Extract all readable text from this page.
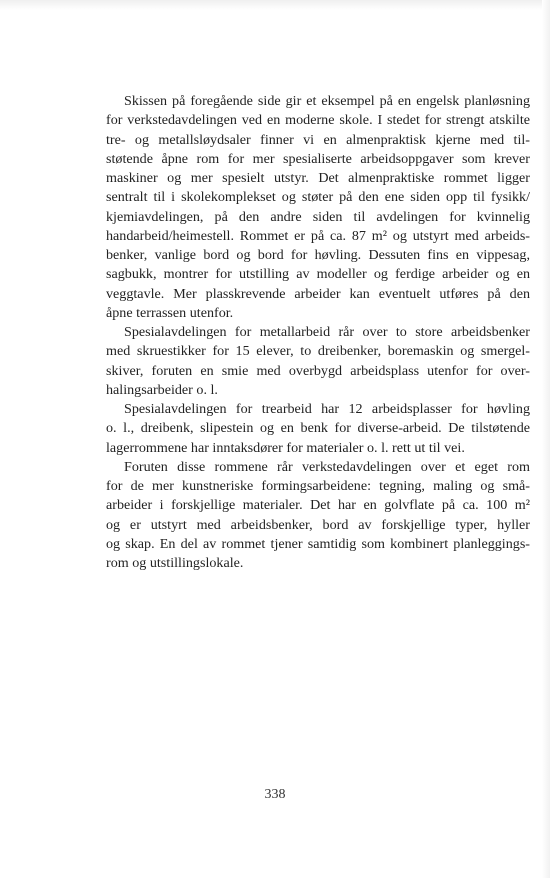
Skissen på foregående side gir et eksempel på en engelsk planløsning
for verkstedavdelingen ved en moderne skole. I stedet for strengt atskilte
tre- og metallsløydsaler finner vi en almenpraktisk kjerne med til-
støtende åpne rom for mer spesialiserte arbeidsoppgaver som krever
maskiner og mer spesielt utstyr. Det almenpraktiske rommet ligger
sentralt til i skolekomplekset og støter på den ene siden opp til fysikk/
kjemiavdelingen, på den andre siden til avdelingen for kvinnelig
handarbeid/heimestell. Rommet er på ca. 87 m² og utstyrt med arbeids-
benker, vanlige bord og bord for høvling. Dessuten fins en vippesag,
sagbukk, montrer for utstilling av modeller og ferdige arbeider og en
veggtavle. Mer plasskrevende arbeider kan eventuelt utføres på den
åpne terrassen utenfor.
Spesialavdelingen for metallarbeid rår over to store arbeidsbenker
med skruestikker for 15 elever, to dreibenker, boremaskin og smergel-
skiver, foruten en smie med overbygd arbeidsplass utenfor for over-
halingsarbeider o. l.
Spesialavdelingen for trearbeid har 12 arbeidsplasser for høvling
o. l., dreibenk, slipestein og en benk for diverse-arbeid. De tilstøtende
lagerrommene har inntaksdører for materialer o. l. rett ut til vei.
Foruten disse rommene rår verkstedavdelingen over et eget rom
for de mer kunstneriske formingsarbeidene: tegning, maling og små-
arbeider i forskjellige materialer. Det har en golvflate på ca. 100 m²
og er utstyrt med arbeidsbenker, bord av forskjellige typer, hyller
og skap. En del av rommet tjener samtidig som kombinert planleggings-
rom og utstillingslokale.
338
